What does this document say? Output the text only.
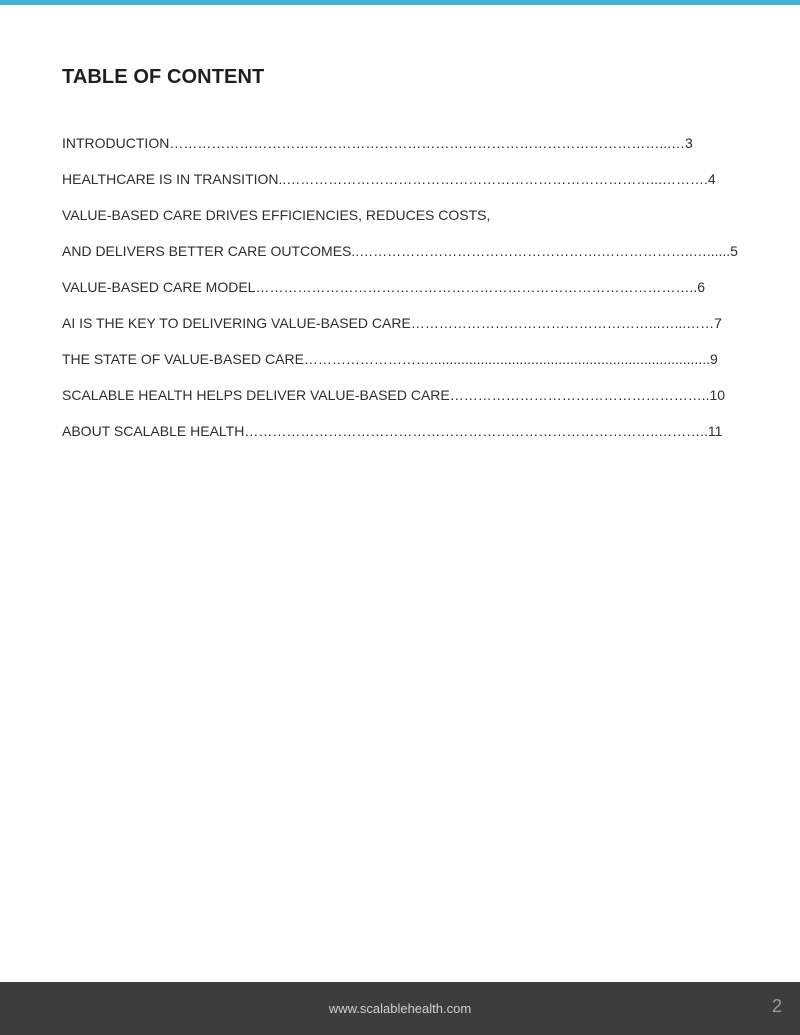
TABLE OF CONTENT
INTRODUCTION……………………………………………………………………………………………...…3
HEALTHCARE IS IN TRANSITION..……………………………………………………………………...……….4
VALUE-BASED CARE DRIVES EFFICIENCIES, REDUCES COSTS,
AND DELIVERS BETTER CARE OUTCOMES..…………………………………………….………………..…......5
VALUE-BASED CARE MODEL…………………………………………………………………………………..6
AI IS THE KEY TO DELIVERING VALUE-BASED CARE……………………………………………...…...……7
THE STATE OF VALUE-BASED CARE………………………........................................................................9
SCALABLE HEALTH HELPS DELIVER VALUE-BASED CARE………………………………………………..10
ABOUT SCALABLE HEALTH……………………………………………………………………………..………..11
www.scalablehealth.com	2
